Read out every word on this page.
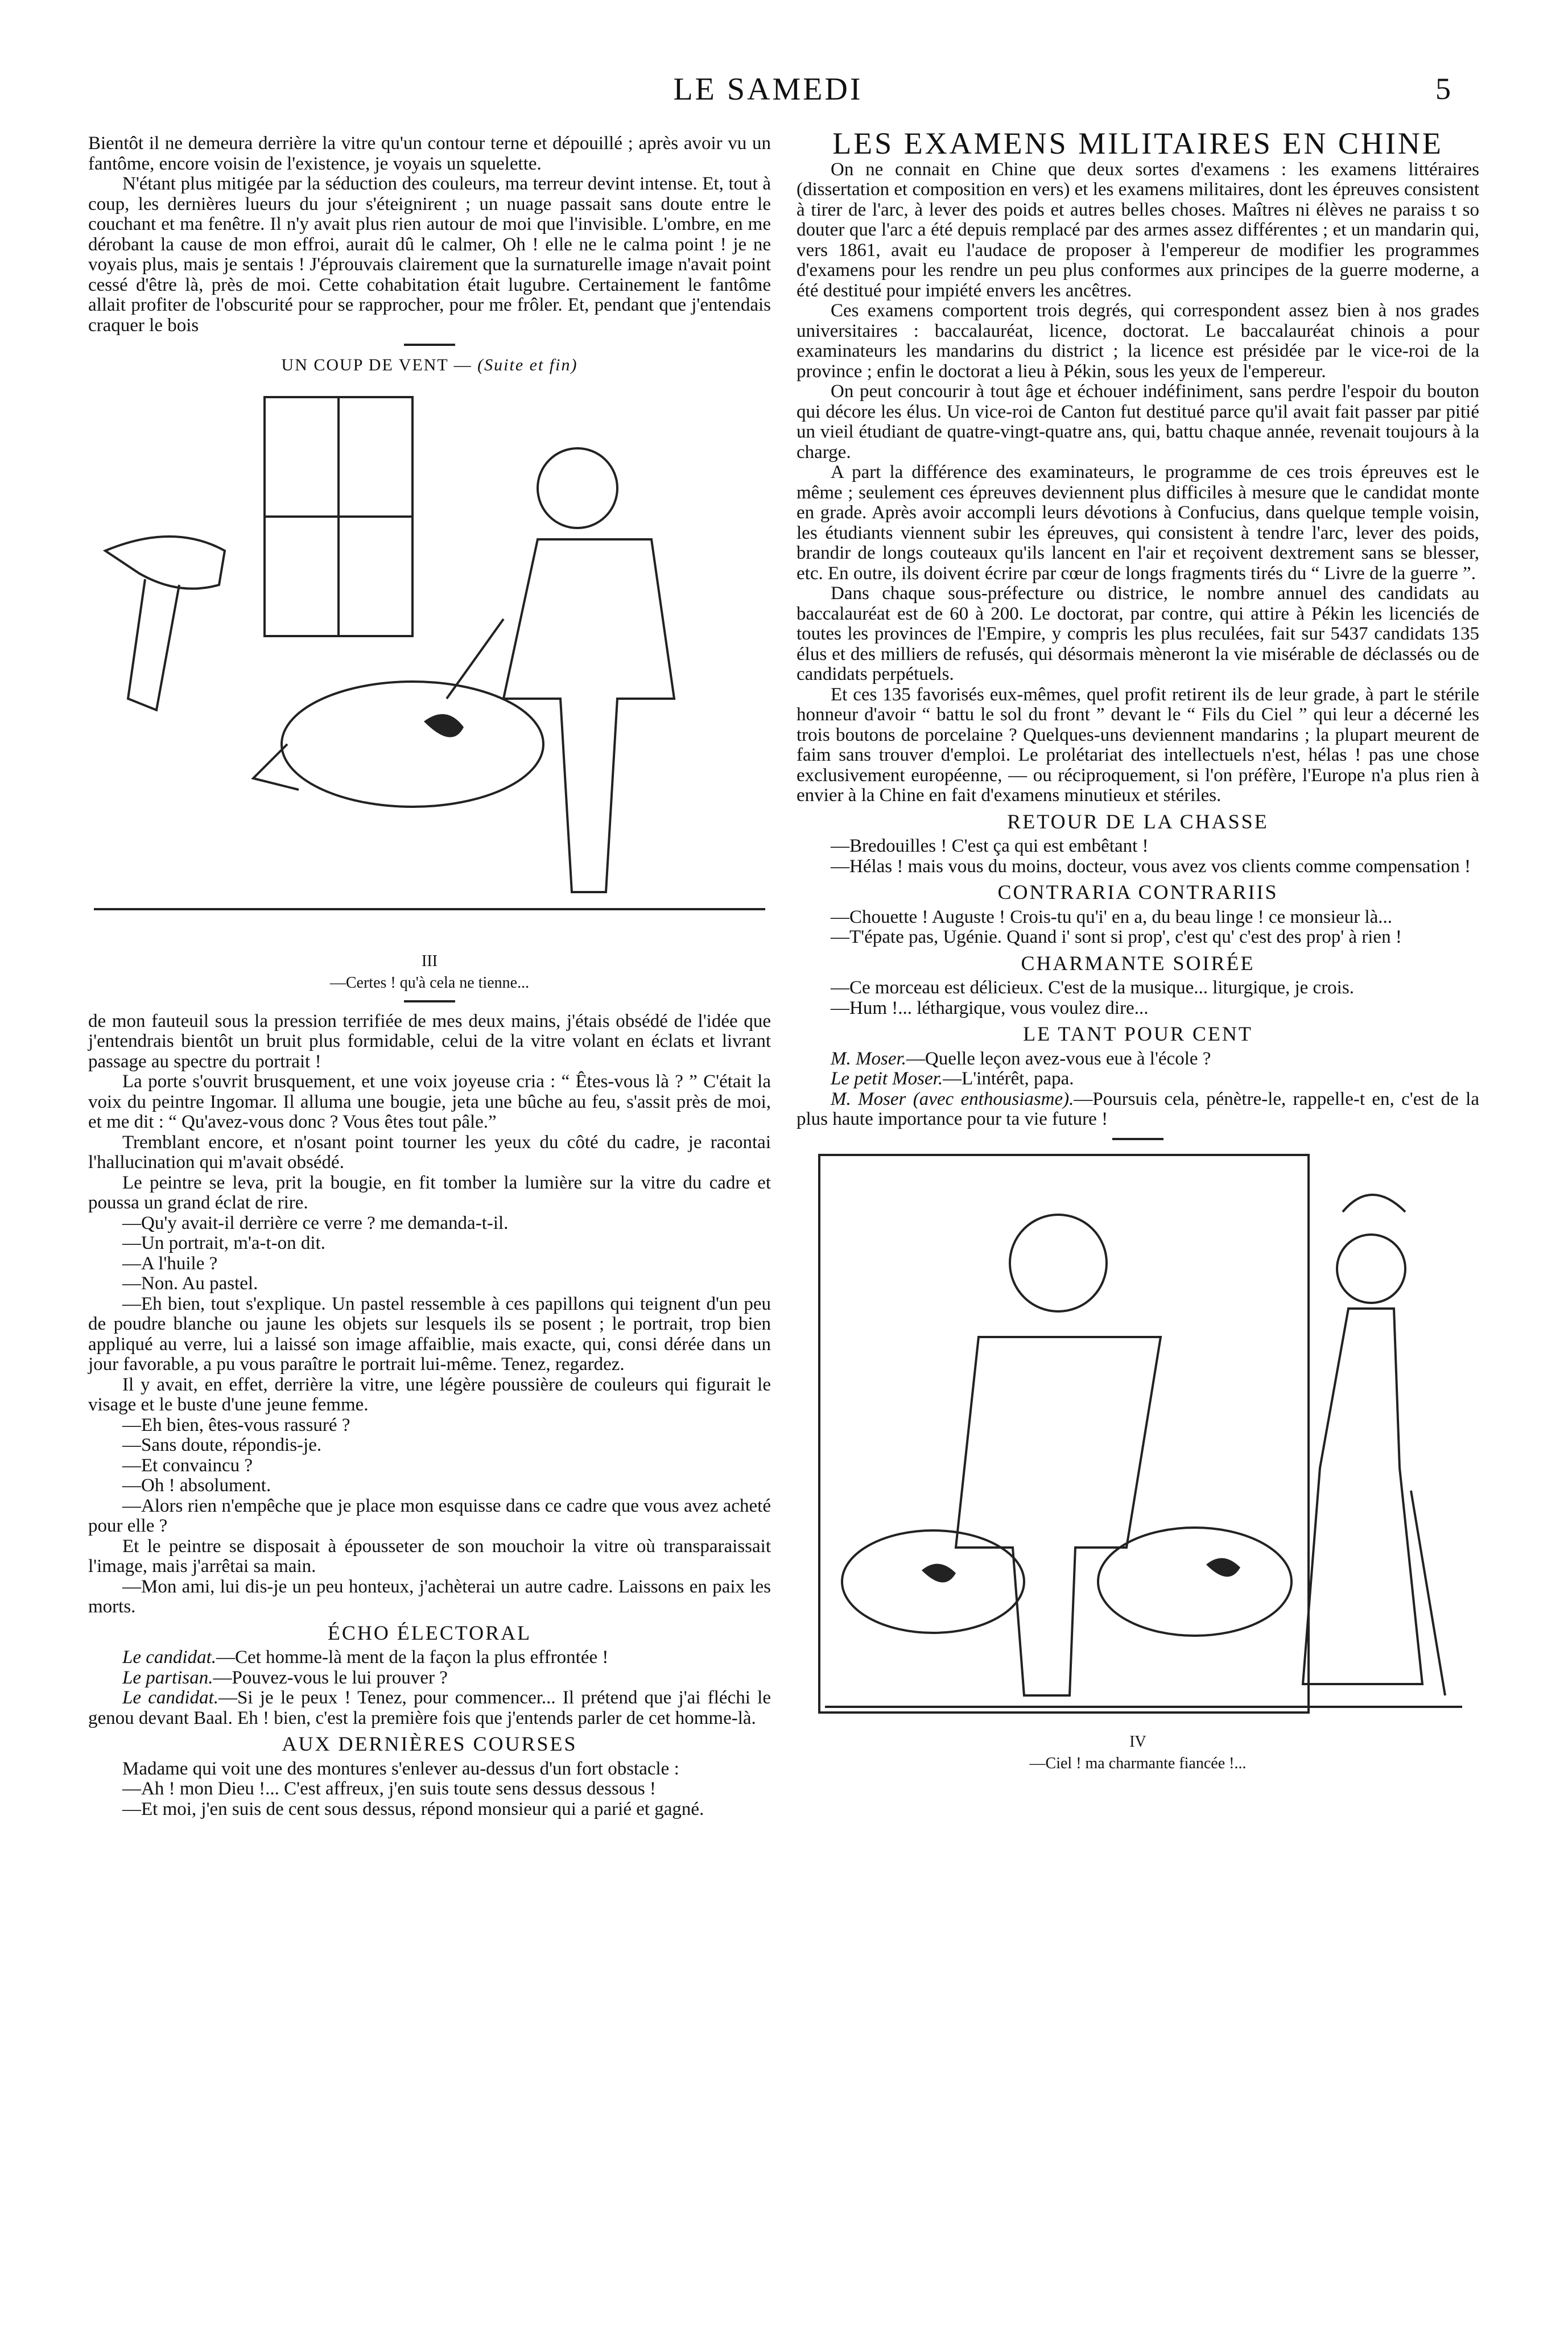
LE SAMEDI	5

Bientôt il ne demeura derrière la vitre qu'un contour terne et dépouillé ; après avoir vu un fantôme, encore voisin de l'existence, je voyais un squelette.

N'étant plus mitigée par la séduction des couleurs, ma terreur devint intense. Et, tout à coup, les dernières lueurs du jour s'éteignirent ; un nuage passait sans doute entre le couchant et ma fenêtre. Il n'y avait plus rien autour de moi que l'invisible. L'ombre, en me dérobant la cause de mon effroi, aurait dû le calmer, Oh ! elle ne le calma point ! je ne voyais plus, mais je sentais ! J'éprouvais clairement que la surnaturelle image n'avait point cessé d'être là, près de moi. Cette cohabitation était lugubre. Certainement le fantôme allait profiter de l'obscurité pour se rapprocher, pour me frôler. Et, pendant que j'entendais craquer le bois

UN COUP DE VENT — (Suite et fin)
III
—Certes ! qu'à cela ne tienne...

de mon fauteuil sous la pression terrifiée de mes deux mains, j'étais obsédé de l'idée que j'entendrais bientôt un bruit plus formidable, celui de la vitre volant en éclats et livrant passage au spectre du portrait !

La porte s'ouvrit brusquement, et une voix joyeuse cria : “ Êtes-vous là ? ” C'était la voix du peintre Ingomar. Il alluma une bougie, jeta une bûche au feu, s'assit près de moi, et me dit : “ Qu'avez-vous donc ? Vous êtes tout pâle.”

Tremblant encore, et n'osant point tourner les yeux du côté du cadre, je racontai l'hallucination qui m'avait obsédé.

Le peintre se leva, prit la bougie, en fit tomber la lumière sur la vitre du cadre et poussa un grand éclat de rire.

—Qu'y avait-il derrière ce verre ? me demanda-t-il.

—Un portrait, m'a-t-on dit.

—A l'huile ?

—Non. Au pastel.

—Eh bien, tout s'explique. Un pastel ressemble à ces papillons qui teignent d'un peu de poudre blanche ou jaune les objets sur lesquels ils se posent ; le portrait, trop bien appliqué au verre, lui a laissé son image affaiblie, mais exacte, qui, consi dérée dans un jour favorable, a pu vous paraître le portrait lui-même. Tenez, regardez.

Il y avait, en effet, derrière la vitre, une légère poussière de couleurs qui figurait le visage et le buste d'une jeune femme.

—Eh bien, êtes-vous rassuré ?

—Sans doute, répondis-je.

—Et convaincu ?

—Oh ! absolument.

—Alors rien n'empêche que je place mon esquisse dans ce cadre que vous avez acheté pour elle ?

Et le peintre se disposait à épousseter de son mouchoir la vitre où transparaissait l'image, mais j'arrêtai sa main.

—Mon ami, lui dis-je un peu honteux, j'achèterai un autre cadre. Laissons en paix les morts.

ÉCHO ÉLECTORAL

Le candidat.—Cet homme-là ment de la façon la plus effrontée !

Le partisan.—Pouvez-vous le lui prouver ?

Le candidat.—Si je le peux ! Tenez, pour commencer... Il prétend que j'ai fléchi le genou devant Baal. Eh ! bien, c'est la première fois que j'entends parler de cet homme-là.

AUX DERNIÈRES COURSES

Madame qui voit une des montures s'enlever au-dessus d'un fort obstacle :

—Ah ! mon Dieu !... C'est affreux, j'en suis toute sens dessus dessous !

—Et moi, j'en suis de cent sous dessus, répond monsieur qui a parié et gagné.

LES EXAMENS MILITAIRES EN CHINE

On ne connait en Chine que deux sortes d'examens : les examens littéraires (dissertation et composition en vers) et les examens militaires, dont les épreuves consistent à tirer de l'arc, à lever des poids et autres belles choses. Maîtres ni élèves ne paraiss t so douter que l'arc a été depuis remplacé par des armes assez différentes ; et un mandarin qui, vers 1861, avait eu l'audace de proposer à l'empereur de modifier les programmes d'examens pour les rendre un peu plus conformes aux principes de la guerre moderne, a été destitué pour impiété envers les ancêtres.

Ces examens comportent trois degrés, qui correspondent assez bien à nos grades universitaires : baccalauréat, licence, doctorat. Le baccalauréat chinois a pour examinateurs les mandarins du district ; la licence est présidée par le vice-roi de la province ; enfin le doctorat a lieu à Pékin, sous les yeux de l'empereur.

On peut concourir à tout âge et échouer indéfiniment, sans perdre l'espoir du bouton qui décore les élus. Un vice-roi de Canton fut destitué parce qu'il avait fait passer par pitié un vieil étudiant de quatre-vingt-quatre ans, qui, battu chaque année, revenait toujours à la charge.

A part la différence des examinateurs, le programme de ces trois épreuves est le même ; seulement ces épreuves deviennent plus difficiles à mesure que le candidat monte en grade. Après avoir accompli leurs dévotions à Confucius, dans quelque temple voisin, les étudiants viennent subir les épreuves, qui consistent à tendre l'arc, lever des poids, brandir de longs couteaux qu'ils lancent en l'air et reçoivent dextrement sans se blesser, etc. En outre, ils doivent écrire par cœur de longs fragments tirés du “ Livre de la guerre ”.

Dans chaque sous-préfecture ou districe, le nombre annuel des candidats au baccalauréat est de 60 à 200. Le doctorat, par contre, qui attire à Pékin les licenciés de toutes les provinces de l'Empire, y compris les plus reculées, fait sur 5437 candidats 135 élus et des milliers de refusés, qui désormais mèneront la vie misérable de déclassés ou de candidats perpétuels.

Et ces 135 favorisés eux-mêmes, quel profit retirent ils de leur grade, à part le stérile honneur d'avoir “ battu le sol du front ” devant le “ Fils du Ciel ” qui leur a décerné les trois boutons de porcelaine ? Quelques-uns deviennent mandarins ; la plupart meurent de faim sans trouver d'emploi. Le prolétariat des intellectuels n'est, hélas ! pas une chose exclusivement européenne, — ou réciproquement, si l'on préfère, l'Europe n'a plus rien à envier à la Chine en fait d'examens minutieux et stériles.

RETOUR DE LA CHASSE

—Bredouilles ! C'est ça qui est embêtant !

—Hélas ! mais vous du moins, docteur, vous avez vos clients comme compensation !

CONTRARIA CONTRARIIS

—Chouette ! Auguste ! Crois-tu qu'i' en a, du beau linge ! ce monsieur là...

—T'épate pas, Ugénie. Quand i' sont si prop', c'est qu' c'est des prop' à rien !

CHARMANTE SOIRÉE

—Ce morceau est délicieux. C'est de la musique... liturgique, je crois.

—Hum !... léthargique, vous voulez dire...

LE TANT POUR CENT

M. Moser.—Quelle leçon avez-vous eue à l'école ?

Le petit Moser.—L'intérêt, papa.

M. Moser (avec enthousiasme).—Poursuis cela, pénètre-le, rappelle-t en, c'est de la plus haute importance pour ta vie future !

IV
—Ciel ! ma charmante fiancée !...
